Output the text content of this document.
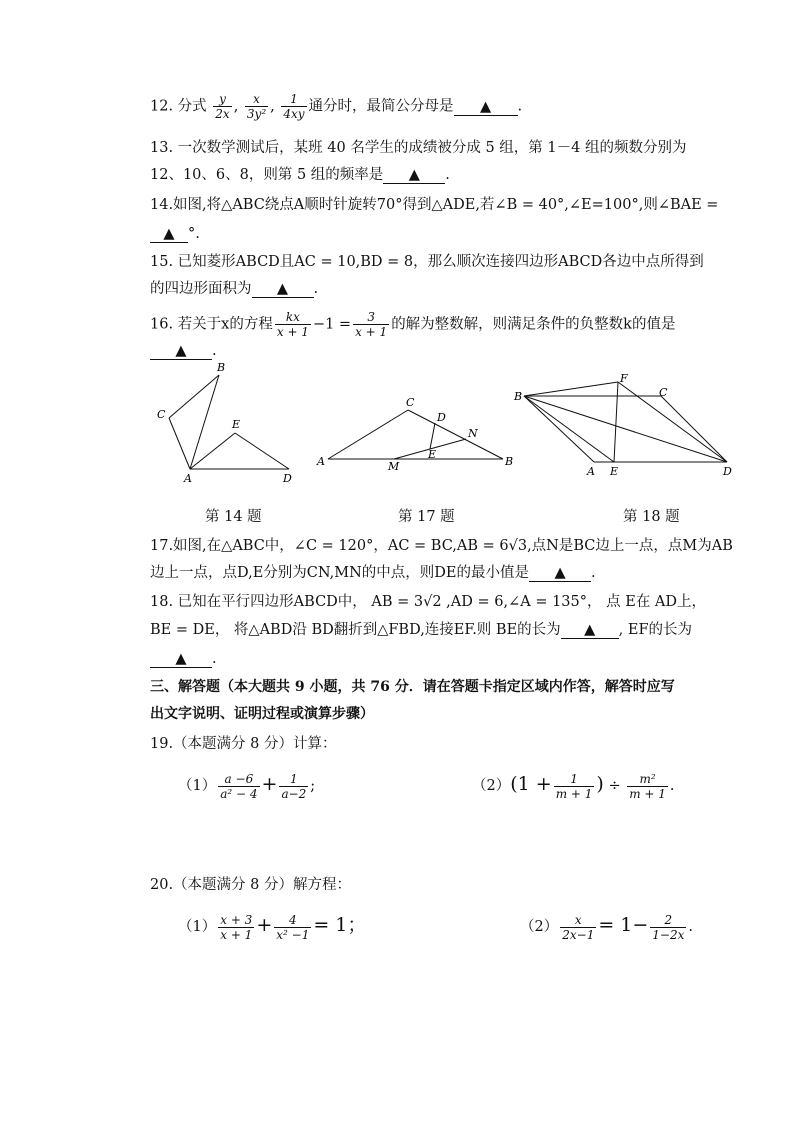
12. 分式 $\frac{y}{2x}$ , $\frac{x}{\text{3y²}}$ , $\frac{1}{4xy}$ 通分时，最简公分母是 ▲ .
13. 一次数学测试后，某班 40 名学生的成绩被分成 5 组，第 1－4 组的频数分别为
12、10、6、8，则第 5 组的频率是 ▲ .
14.如图,将△ABC绕点A顺时针旋转70°得到△ADE,若∠B = 40°,∠E=100°,则∠BAE =
▲ °.
15. 已知菱形ABCD且AC = 10,BD = 8，那么顺次连接四边形ABCD各边中点所得到
的四边形面积为 ▲ .
16. 若关于x的方程 $\frac{kx}{x + 1} -1 = \frac{3}{x + 1}$ 的解为整数解，则满足条件的负整数k的值是
▲ .
B
C
E
A	D
第 14 题
C
D
N
A	M
E
B
第 17 题
B
F
C
A E	D
第 18 题
17.如图,在△ABC中，∠C = 120°，AC = BC,AB = 6√3,点N是BC边上一点，点M为AB
边上一点，点D,E分别为CN,MN的中点，则DE的最小值是 ▲ .
18. 已知在平行四边形ABCD中， AB = 3√2 ,AD = 6,∠A = 135°， 点 E在 AD上，
BE = DE， 将△ABD沿 BD翻折到△FBD,连接EF.则 BE的长为 ▲ , EF的长为
▲ .
三、解答题（本大题共 9 小题，共 76 分．请在答题卡指定区域内作答，解答时应写
出文字说明、证明过程或演算步骤）
19.（本题满分 8 分）计算：
$(1) \frac{a -6}{\text{a² − 4}} + \frac{1}{a-2}$ ;	$(2)(1 + \frac{1}{m + 1}$ ) ÷ $\frac{\text{m²}}{m + 1}$ .
20.（本题满分 8 分）解方程：
$(1) \frac{x + 3}{x + 1} + \frac{4}{\text{x² −1}} = 1$；	$(2) \frac{x}{2x-1} = 1- \frac{2}{1-2x}$ .
